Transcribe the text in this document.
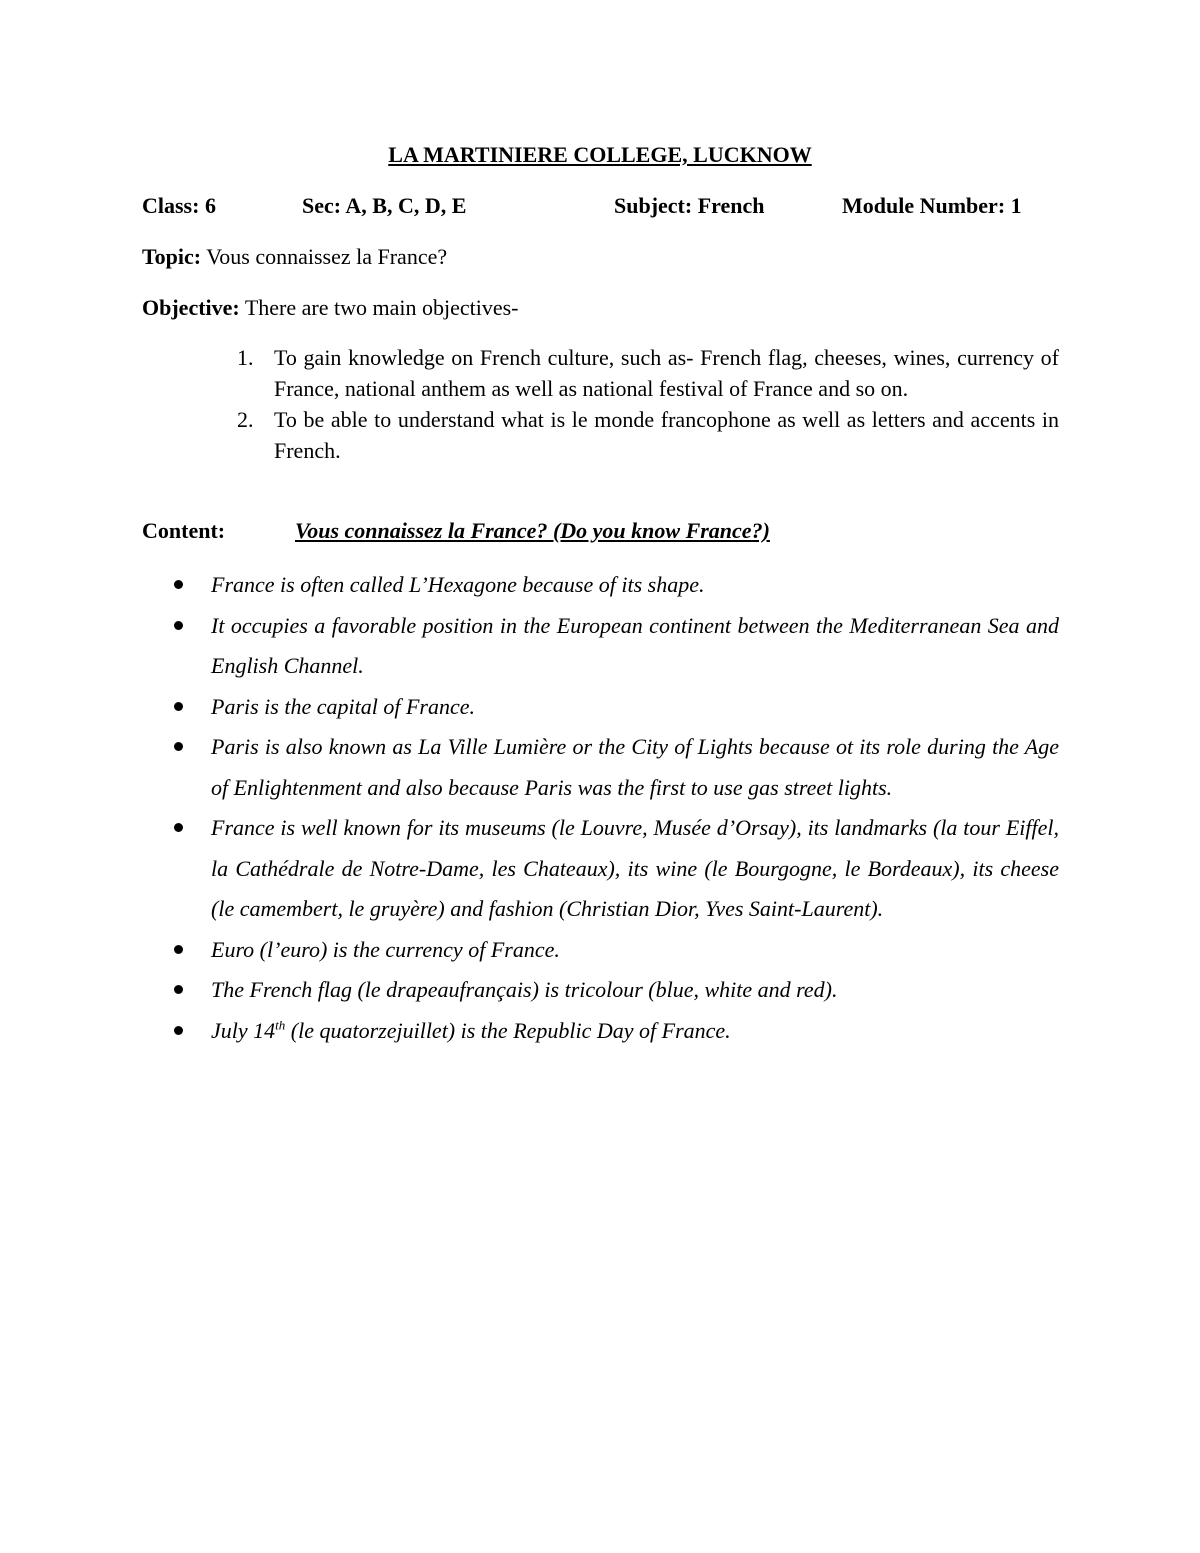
LA MARTINIERE COLLEGE, LUCKNOW
Class: 6	Sec: A, B, C, D, E	Subject: French	Module Number: 1
Topic: Vous connaissez la France?
Objective: There are two main objectives-
1. To gain knowledge on French culture, such as- French flag, cheeses, wines, currency of France, national anthem as well as national festival of France and so on.
2. To be able to understand what is le monde francophone as well as letters and accents in French.
Content:	Vous connaissez la France? (Do you know France?)
France is often called L’Hexagone because of its shape.
It occupies a favorable position in the European continent between the Mediterranean Sea and English Channel.
Paris is the capital of France.
Paris is also known as La Ville Lumière or the City of Lights because ot its role during the Age of Enlightenment and also because Paris was the first to use gas street lights.
France is well known for its museums (le Louvre, Musée d’Orsay), its landmarks (la tour Eiffel, la Cathédrale de Notre-Dame, les Chateaux), its wine (le Bourgogne, le Bordeaux), its cheese (le camembert, le gruyère) and fashion (Christian Dior, Yves Saint-Laurent).
Euro (l’euro) is the currency of France.
The French flag (le drapeaufrançais) is tricolour (blue, white and red).
July 14th (le quatorzejuillet) is the Republic Day of France.
